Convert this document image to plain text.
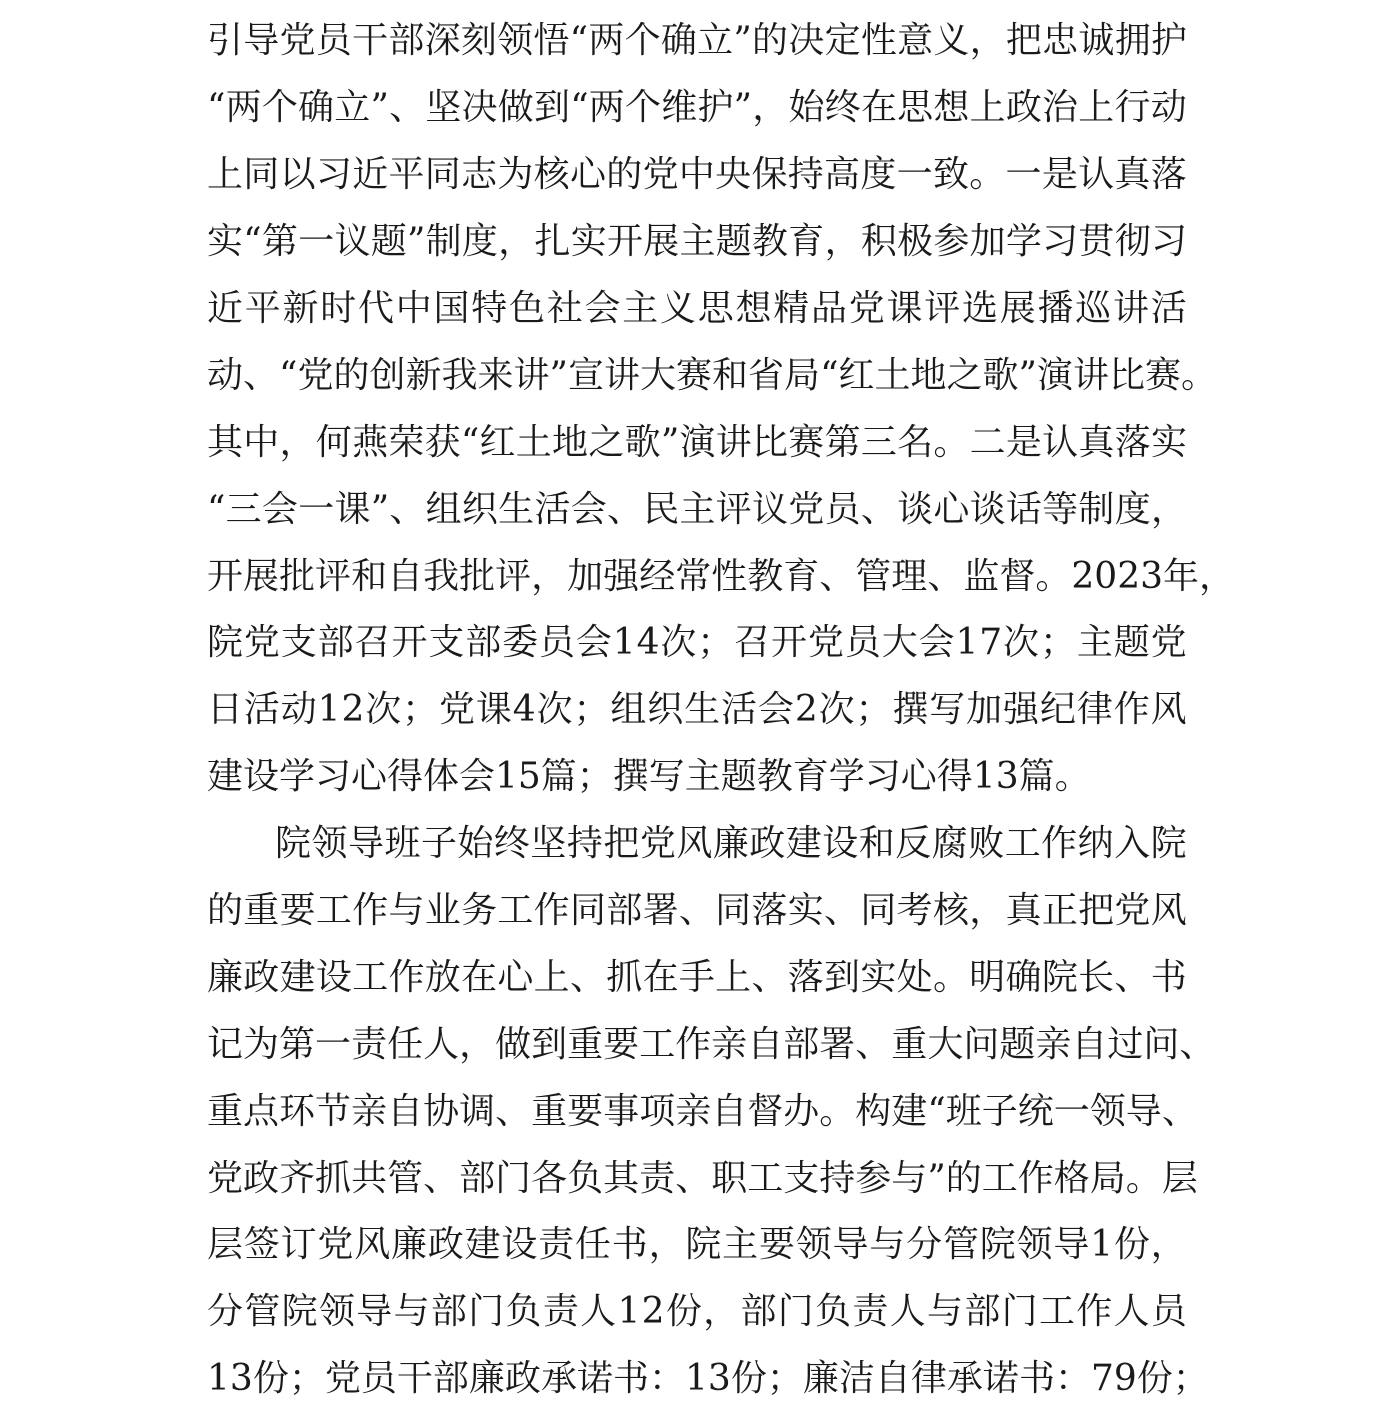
引 导 党 员 干 部 深 刻 领 悟 “ 两 个 确 立 ” 的 决 定 性 意 义 ， 把 忠 诚 拥 护
“ 两 个 确 立 ” 、 坚 决 做 到 “ 两 个 维 护 ” ， 始 终 在 思 想 上 政 治 上 行 动
上 同 以 习 近 平 同 志 为 核 心 的 党 中 央 保 持 高 度 一 致 。 一 是 认 真 落
实 “ 第 一 议 题 ” 制 度 ， 扎 实 开 展 主 题 教 育 ， 积 极 参 加 学 习 贯 彻 习
近 平 新 时 代 中 国 特 色 社 会 主 义 思 想 精 品 党 课 评 选 展 播 巡 讲 活
动 、 “ 党 的 创 新 我 来 讲 ” 宣 讲 大 赛 和 省 局 “ 红 土 地 之 歌 ” 演 讲 比 赛 。
其 中 ， 何 燕 荣 获 “ 红 土 地 之 歌 ” 演 讲 比 赛 第 三 名 。 二 是 认 真 落 实
“ 三 会 一 课 ” 、 组 织 生 活 会 、 民 主 评 议 党 员 、 谈 心 谈 话 等 制 度 ，
开 展 批 评 和 自 我 批 评 ， 加 强 经 常 性 教 育 、 管 理 、 监 督 。 2 0 2 3 年 ，
院 党 支 部 召 开 支 部 委 员 会 1 4 次 ； 召 开 党 员 大 会 1 7 次 ； 主 题 党
日 活 动 1 2 次 ； 党 课 4 次 ； 组 织 生 活 会 2 次 ； 撰 写 加 强 纪 律 作 风
建设学习心得体会15篇；撰写主题教育学习心得13篇。
院 领 导 班 子 始 终 坚 持 把 党 风 廉 政 建 设 和 反 腐 败 工 作 纳 入 院
的 重 要 工 作 与 业 务 工 作 同 部 署 、 同 落 实 、 同 考 核 ， 真 正 把 党 风
廉 政 建 设 工 作 放 在 心 上 、 抓 在 手 上 、 落 到 实 处 。 明 确 院 长 、 书
记 为 第 一 责 任 人 ， 做 到 重 要 工 作 亲 自 部 署 、 重 大 问 题 亲 自 过 问 、
重 点 环 节 亲 自 协 调 、 重 要 事 项 亲 自 督 办 。 构 建 “ 班 子 统 一 领 导 、
党 政 齐 抓 共 管 、 部 门 各 负 其 责 、 职 工 支 持 参 与 ” 的 工 作 格 局 。 层
层 签 订 党 风 廉 政 建 设 责 任 书 ， 院 主 要 领 导 与 分 管 院 领 导 1 份 ，
分 管 院 领 导 与 部 门 负 责 人 1 2 份 ， 部 门 负 责 人 与 部 门 工 作 人 员
1 3 份 ； 党 员 干 部 廉 政 承 诺 书 ： 1 3 份 ； 廉 洁 自 律 承 诺 书 ： 7 9 份 ；
